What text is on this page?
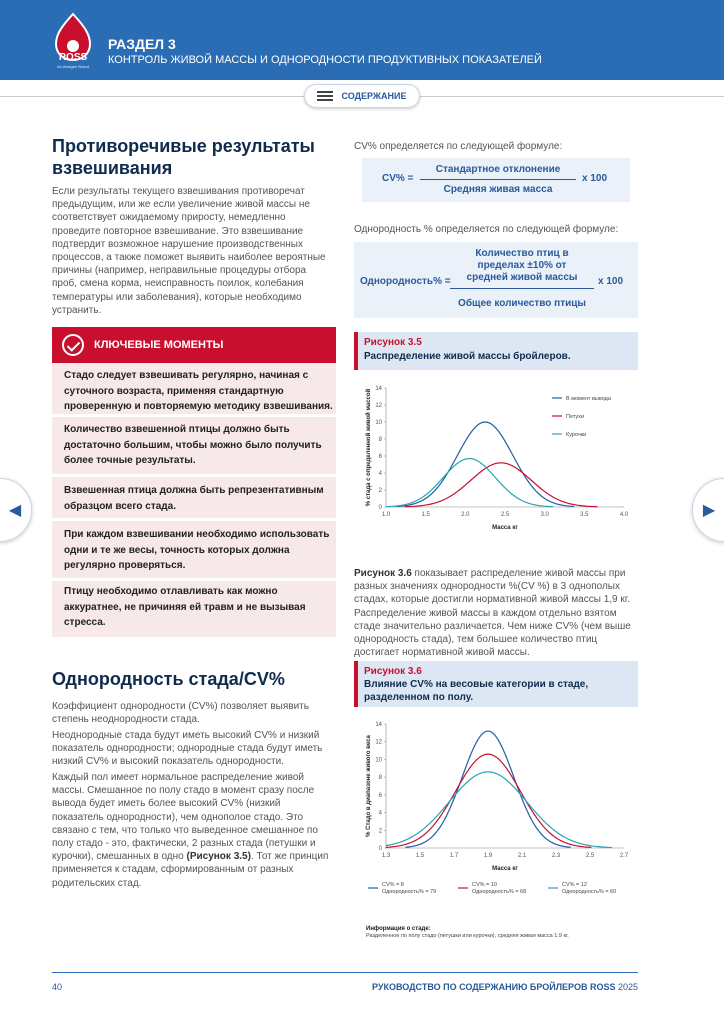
ROSS
An Aviagen Brand
РАЗДЕЛ 3
КОНТРОЛЬ ЖИВОЙ МАССЫ И ОДНОРОДНОСТИ ПРОДУКТИВНЫХ ПОКАЗАТЕЛЕЙ
СОДЕРЖАНИЕ
◀	▶
Противоречивые результаты взвешивания
Если результаты текущего взвешивания противоречат предыдущим, или же если увеличение живой массы не соответствует ожидаемому приросту, немедленно проведите повторное взвешивание. Это взвешивание подтвердит возможное нарушение производственных процессов, а также поможет выявить наиболее вероятные причины (например, неправильные процедуры отбора проб, смена корма, неисправность поилок, колебания температуры или заболевания), которые необходимо устранить.
КЛЮЧЕВЫЕ МОМЕНТЫ
Стадо следует взвешивать регулярно, начиная с суточного возраста, применяя стандартную проверенную и повторяемую методику взвешивания.
Количество взвешенной птицы должно быть достаточно большим, чтобы можно было получить более точные результаты.
Взвешенная птица должна быть репрезентативным образцом всего стада.
При каждом взвешивании необходимо использовать одни и те же весы, точность которых должна регулярно проверяться.
Птицу необходимо отлавливать как можно аккуратнее, не причиняя ей травм и не вызывая стресса.
Однородность стада/CV%
Коэффициент однородности (CV%) позволяет выявить степень неоднородности стада.
Неоднородные стада будут иметь высокий CV% и низкий показатель однородности; однородные стада будут иметь низкий CV% и высокий показатель однородности.
Каждый пол имеет нормальное распределение живой массы. Смешанное по полу стадо в момент сразу после вывода будет иметь более высокий CV% (низкий показатель однородности), чем однополое стадо. Это связано с тем, что только что выведенное смешанное по полу стадо - это, фактически, 2 разных стада (петушки и курочки), смешанных в одно (Рисунок 3.5). Тот же принцип применяется к стадам, сформированным от разных родительских стад.
CV% определяется по следующей формуле:
CV% =
Стандартное отклонение
Средняя живая масса
x 100
Однородность % определяется по следующей формуле:
Однородность% =
Количество птиц в
пределах ±10% от
средней живой массы
Общее количество птицы
x 100
Рисунок 3.5
Распределение живой массы бройлеров.
0
2
4
6
8
10
12
14
1.0	1.5	2.0	2.5	3.0	3.5	4.0
Масса кг
% стада с определенной живой массой	В момент вывода
Петухи
Курочки
Рисунок 3.6 показывает распределение живой массы при разных значениях однородности %(CV %) в 3 однополых стадах, которые достигли нормативной живой массы 1,9 кг. Распределение живой массы в каждом отдельно взятом стаде значительно различается. Чем ниже CV% (чем выше однородность стада), тем большее количество птиц достигает нормативной живой массы.
Рисунок 3.6
Влияние CV% на весовые категории в стаде, разделенном по полу.
0
2
4
6
8
10
12
14
1.3	1.5	1.7	1.9	2.1	2.3	2.5	2.7
Масса кг
% Стадо в диапазоне живого веса
CV% = 8
Однородность% = 79
CV% = 10
Однородность% = 68
CV% = 12
Однородность% = 60
Информация о стаде:
Разделенное по полу стадо (петушки или курочки), средняя живая масса 1.9 кг.
40	РУКОВОДСТВО ПО СОДЕРЖАНИЮ БРОЙЛЕРОВ ROSS 2025
